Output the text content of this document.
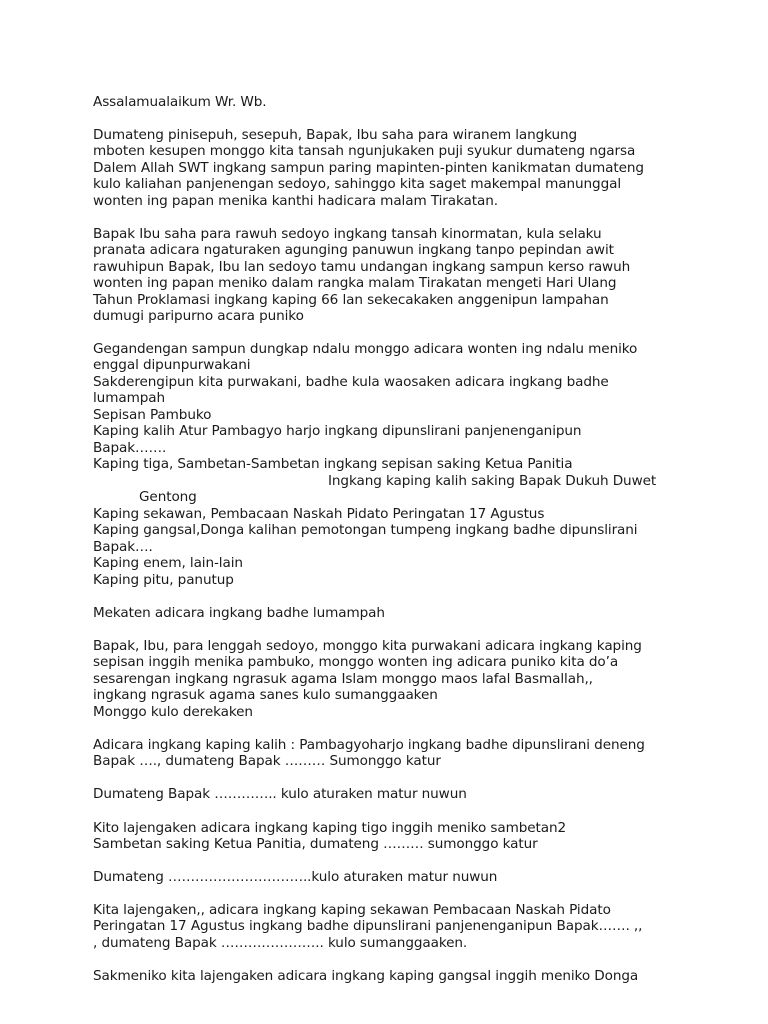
Assalamualaikum Wr. Wb.
Dumateng pinisepuh, sesepuh, Bapak, Ibu saha para wiranem langkung
mboten kesupen monggo kita tansah ngunjukaken puji syukur dumateng ngarsa
Dalem Allah SWT ingkang sampun paring mapinten-pinten kanikmatan dumateng
kulo kaliahan panjenengan sedoyo, sahinggo kita saget makempal manunggal
wonten ing papan menika kanthi hadicara malam Tirakatan.
Bapak Ibu saha para rawuh sedoyo ingkang tansah kinormatan, kula selaku
pranata adicara ngaturaken agunging panuwun ingkang tanpo pepindan awit
rawuhipun Bapak, Ibu lan sedoyo tamu undangan ingkang sampun kerso rawuh
wonten ing papan meniko dalam rangka malam Tirakatan mengeti Hari Ulang
Tahun Proklamasi ingkang kaping 66 lan sekecakaken anggenipun lampahan
dumugi paripurno acara puniko
Gegandengan sampun dungkap ndalu monggo adicara wonten ing ndalu meniko
enggal dipunpurwakani
Sakderengipun kita purwakani, badhe kula waosaken adicara ingkang badhe
lumampah
Sepisan Pambuko
Kaping kalih Atur Pambagyo harjo ingkang dipunslirani panjenenganipun
Bapak…….
Kaping tiga, Sambetan-Sambetan ingkang sepisan saking Ketua Panitia
Ingkang kaping kalih saking Bapak Dukuh Duwet
Gentong
Kaping sekawan, Pembacaan Naskah Pidato Peringatan 17 Agustus
Kaping gangsal,Donga kalihan pemotongan tumpeng ingkang badhe dipunslirani
Bapak….
Kaping enem, lain-lain
Kaping pitu, panutup
Mekaten adicara ingkang badhe lumampah
Bapak, Ibu, para lenggah sedoyo, monggo kita purwakani adicara ingkang kaping
sepisan inggih menika pambuko, monggo wonten ing adicara puniko kita do’a
sesarengan ingkang ngrasuk agama Islam monggo maos lafal Basmallah,,
ingkang ngrasuk agama sanes kulo sumanggaaken
Monggo kulo derekaken
Adicara ingkang kaping kalih : Pambagyoharjo ingkang badhe dipunslirani deneng
Bapak …., dumateng Bapak ……… Sumonggo katur
Dumateng Bapak ………….. kulo aturaken matur nuwun
Kito lajengaken adicara ingkang kaping tigo inggih meniko sambetan2
Sambetan saking Ketua Panitia, dumateng ……… sumonggo katur
Dumateng …………………………..kulo aturaken matur nuwun
Kita lajengaken,, adicara ingkang kaping sekawan Pembacaan Naskah Pidato
Peringatan 17 Agustus ingkang badhe dipunslirani panjenenganipun Bapak……. ,,
, dumateng Bapak ………………….. kulo sumanggaaken.
Sakmeniko kita lajengaken adicara ingkang kaping gangsal inggih meniko Donga
